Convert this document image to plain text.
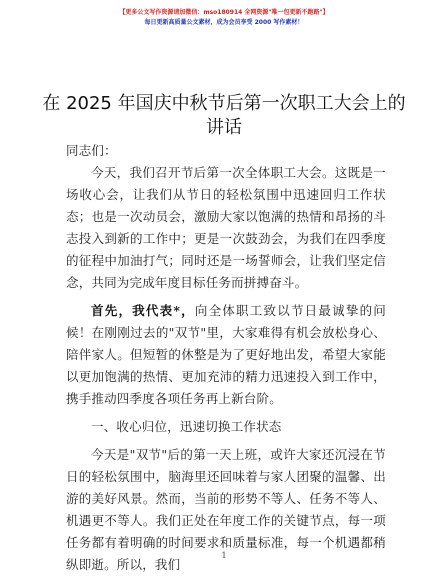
【更多公文写作资源请加微信：mso180914 全网资源"唯一包更新不跑路"】
每日更新高质量公文素材，成为会员享受 2000 写作素材！
在 2025 年国庆中秋节后第一次职工大会上的讲话

同志们：

今天，我们召开节后第一次全体职工大会。这既是一场收心会，让我们从节日的轻松氛围中迅速回归工作状态；也是一次动员会，激励大家以饱满的热情和昂扬的斗志投入到新的工作中；更是一次鼓劲会，为我们在四季度的征程中加油打气；同时还是一场誓师会，让我们坚定信念，共同为完成年度目标任务而拼搏奋斗。

首先，我代表*，向全体职工致以节日最诚挚的问候！在刚刚过去的"双节"里，大家难得有机会放松身心、陪伴家人。但短暂的休整是为了更好地出发，希望大家能以更加饱满的热情、更加充沛的精力迅速投入到工作中，携手推动四季度各项任务再上新台阶。

一、收心归位，迅速切换工作状态

今天是"双节"后的第一天上班，或许大家还沉浸在节日的轻松氛围中，脑海里还回味着与家人团聚的温馨、出游的美好风景。然而，当前的形势不等人、任务不等人、机遇更不等人。我们正处在年度工作的关键节点，每一项任务都有着明确的时间要求和质量标准，每一个机遇都稍纵即逝。所以，我们

1
